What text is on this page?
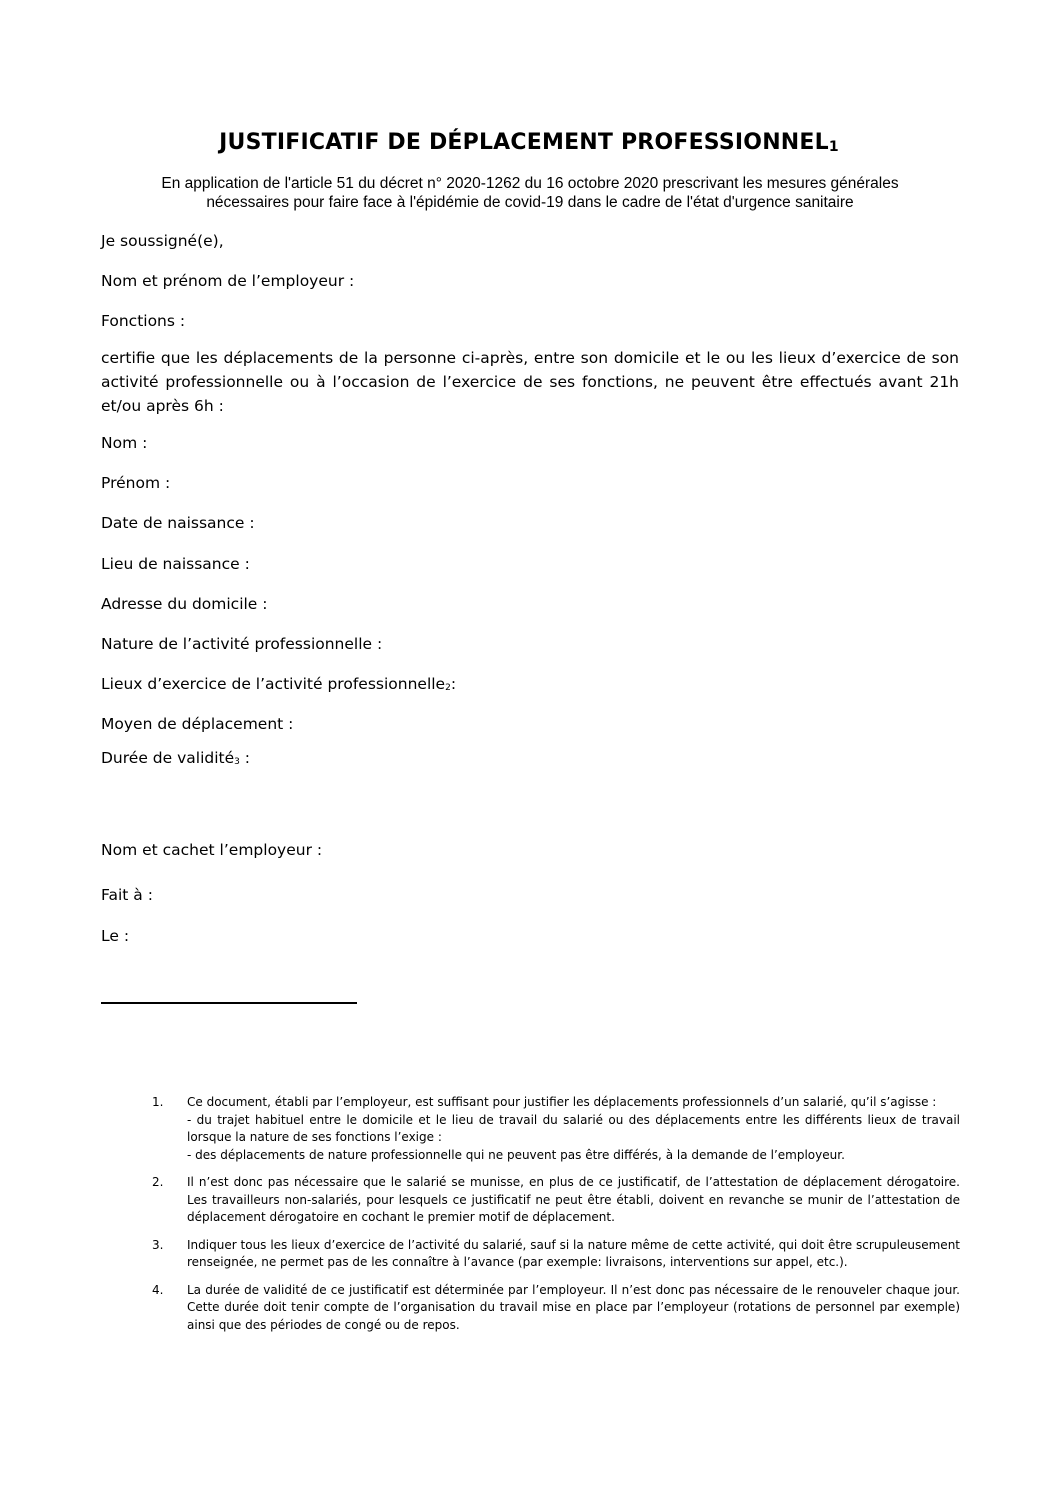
JUSTIFICATIF DE DÉPLACEMENT PROFESSIONNEL$^1$
En application de l'article 51 du décret n° 2020-1262 du 16 octobre 2020 prescrivant les mesures générales
nécessaires pour faire face à l'épidémie de covid-19 dans le cadre de l'état d'urgence sanitaire
Je soussigné(e),
Nom et prénom de l’employeur :
Fonctions :
certifie que les déplacements de la personne ci-après, entre son domicile et le ou les lieux d’exercice de son activité professionnelle ou à l’occasion de l’exercice de ses fonctions, ne peuvent être effectués avant 21h et/ou après 6h :
Nom :
Prénom :
Date de naissance :
Lieu de naissance :
Adresse du domicile :
Nature de l’activité professionnelle :
Lieux d’exercice de l’activité professionnelle$^2$:
Moyen de déplacement :
Durée de validité$^3$ :
Nom et cachet l’employeur :
Fait à :
Le :
1. Ce document, établi par l’employeur, est suffisant pour justifier les déplacements professionnels d’un salarié, qu’il s’agisse :
- du trajet habituel entre le domicile et le lieu de travail du salarié ou des déplacements entre les différents lieux de travail lorsque la nature de ses fonctions l’exige :
- des déplacements de nature professionnelle qui ne peuvent pas être différés, à la demande de l’employeur.
2. Il n’est donc pas nécessaire que le salarié se munisse, en plus de ce justificatif, de l’attestation de déplacement dérogatoire. Les travailleurs non-salariés, pour lesquels ce justificatif ne peut être établi, doivent en revanche se munir de l’attestation de déplacement dérogatoire en cochant le premier motif de déplacement.
3. Indiquer tous les lieux d’exercice de l’activité du salarié, sauf si la nature même de cette activité, qui doit être scrupuleusement renseignée, ne permet pas de les connaître à l’avance (par exemple: livraisons, interventions sur appel, etc.).
4. La durée de validité de ce justificatif est déterminée par l’employeur. Il n’est donc pas nécessaire de le renouveler chaque jour. Cette durée doit tenir compte de l’organisation du travail mise en place par l’employeur (rotations de personnel par exemple) ainsi que des périodes de congé ou de repos.
